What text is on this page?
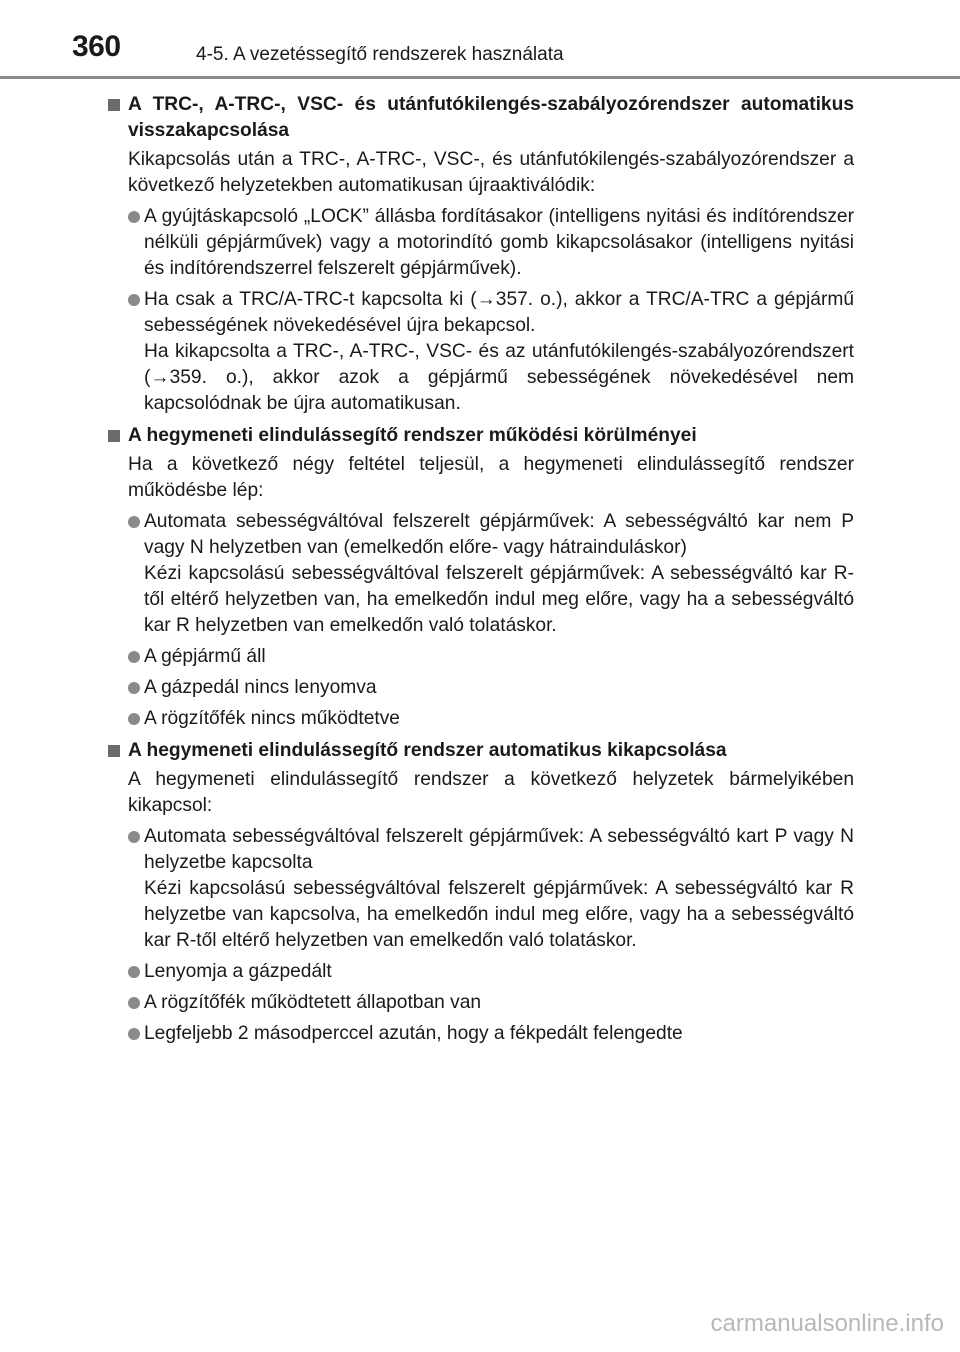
360	4-5. A vezetéssegítő rendszerek használata
A TRC-, A-TRC-, VSC- és utánfutókilengés-szabályozórendszer automatikus visszakapcsolása
Kikapcsolás után a TRC-, A-TRC-, VSC-, és utánfutókilengés-szabályozórendszer a következő helyzetekben automatikusan újraaktiválódik:
A gyújtáskapcsoló „LOCK” állásba fordításakor (intelligens nyitási és indítórendszer nélküli gépjárművek) vagy a motorindító gomb kikapcsolásakor (intelligens nyitási és indítórendszerrel felszerelt gépjárművek).
Ha csak a TRC/A-TRC-t kapcsolta ki (→357. o.), akkor a TRC/A-TRC a gépjármű sebességének növekedésével újra bekapcsol.
Ha kikapcsolta a TRC-, A-TRC-, VSC- és az utánfutókilengés-szabályozórendszert (→359. o.), akkor azok a gépjármű sebességének növekedésével nem kapcsolódnak be újra automatikusan.
A hegymeneti elindulássegítő rendszer működési körülményei
Ha a következő négy feltétel teljesül, a hegymeneti elindulássegítő rendszer működésbe lép:
Automata sebességváltóval felszerelt gépjárművek: A sebességváltó kar nem P vagy N helyzetben van (emelkedőn előre- vagy hátrainduláskor)
Kézi kapcsolású sebességváltóval felszerelt gépjárművek: A sebességváltó kar R-től eltérő helyzetben van, ha emelkedőn indul meg előre, vagy ha a sebességváltó kar R helyzetben van emelkedőn való tolatáskor.
A gépjármű áll
A gázpedál nincs lenyomva
A rögzítőfék nincs működtetve
A hegymeneti elindulássegítő rendszer automatikus kikapcsolása
A hegymeneti elindulássegítő rendszer a következő helyzetek bármelyikében kikapcsol:
Automata sebességváltóval felszerelt gépjárművek: A sebességváltó kart P vagy N helyzetbe kapcsolta
Kézi kapcsolású sebességváltóval felszerelt gépjárművek: A sebességváltó kar R helyzetbe van kapcsolva, ha emelkedőn indul meg előre, vagy ha a sebességváltó kar R-től eltérő helyzetben van emelkedőn való tolatáskor.
Lenyomja a gázpedált
A rögzítőfék működtetett állapotban van
Legfeljebb 2 másodperccel azután, hogy a fékpedált felengedte
carmanualsonline.info
